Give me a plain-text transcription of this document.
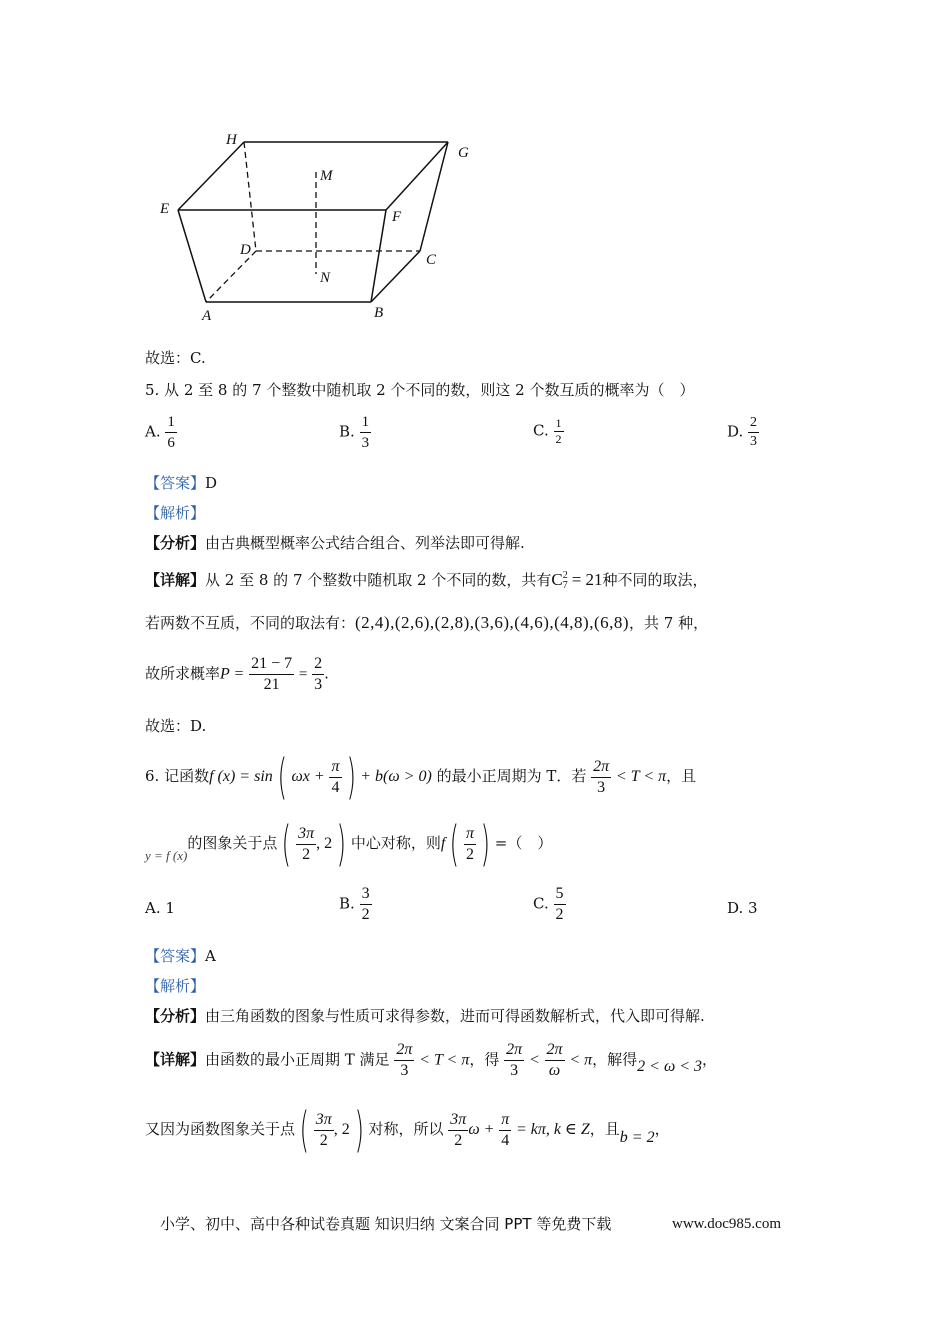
H
G
M
E	F
D
C
N
A	B
故选：C.
5. 从 2 至 8 的 7 个整数中随机取 2 个不同的数，则这 2 个数互质的概率为（　）
A. $\frac{1}{6}$	B. $\frac{1}{3}$	C. $\frac{1}{2}$	D. $\frac{2}{3}$
【答案】D
【解析】
【分析】由古典概型概率公式结合组合、列举法即可得解.
【详解】从 2 至 8 的 7 个整数中随机取 2 个不同的数，共有C 2
7 = 21种不同的取法，
若两数不互质，不同的取法有：(2,4),(2,6),(2,8),(3,6),(4,6),(4,8),(6,8)，共 7 种，
故所求概率$P = \frac{21 - 7}{21} = \frac{2}{3}$ .
故选：D.
6. 记函数f (x) = sin( $\omega x + \frac{\pi}{4}$ ) + b(ω > 0) 的最小正周期为 T．若 $\frac{2\pi}{3} < T < \pi$，且
y = f (x)的图象关于点( $\frac{3\pi}{2}$ , 2) 中心对称，则$f( \frac{\pi}{2}$ ) =（　）
A. 1	B. $\frac{3}{2}$	C. $\frac{5}{2}$	D. 3
【答案】A
【解析】
【分析】由三角函数的图象与性质可求得参数，进而可得函数解析式，代入即可得解.
【详解】由函数的最小正周期 T 满足 $\frac{2\pi}{3} < T < \pi$，得 $\frac{2\pi}{3} < \frac{2\pi}{\omega} < \pi$，解得2 < ω < 3，
又因为函数图象关于点( $\frac{3\pi}{2}$ , 2) 对称，所以 $\frac{3\pi}{2}$ $\omega + \frac{\pi}{4} = k\pi$, k ∈ Z，且b = 2，
小学、初中、高中各种试卷真题 知识归纳 文案合同 PPT 等免费下载	www.doc985.com
